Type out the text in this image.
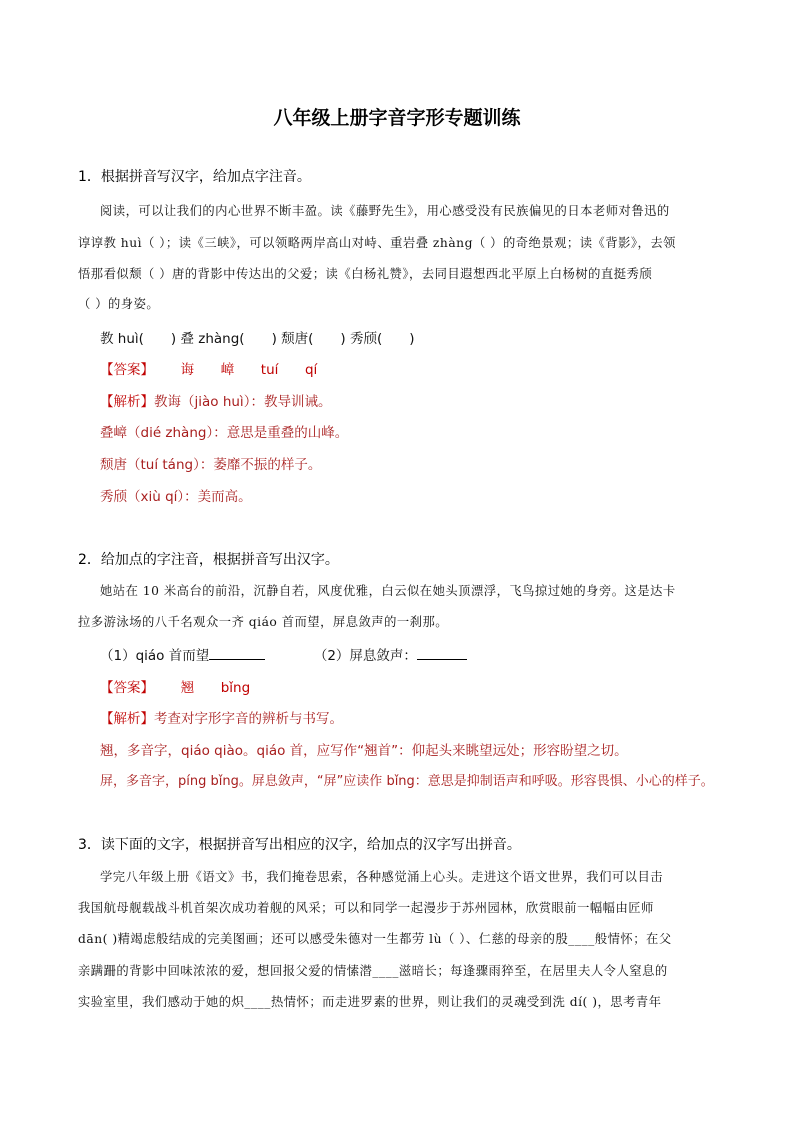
八年级上册字音字形专题训练
1．根据拼音写汉字，给加点字注音。
阅读，可以让我们的内心世界不断丰盈。读《藤野先生》，用心感受没有民族偏见的日本老师对鲁迅的
谆谆教 huì（ ）；读《三峡》，可以领略两岸高山对峙、重岩叠 zhàng（ ）的奇绝景观；读《背影》，去领
悟那看似颓（ ）唐的背影中传达出的父爱；读《白杨礼赞》，去同目遐想西北平原上白杨树的直挺秀颀
（ ）的身姿。
教 huì(　　) 叠 zhàng(　　) 颓唐(　　) 秀颀(　　)
【答案】 诲 嶂 tuí qí
【解析】教诲（jiào huì）：教导训诫。
叠嶂（dié zhàng）：意思是重叠的山峰。
颓唐（tuí táng）：萎靡不振的样子。
秀颀（xiù qí）：美而高。
2．给加点的字注音，根据拼音写出汉字。
她站在 10 米高台的前沿，沉静自若，风度优雅，白云似在她头顶漂浮，飞鸟掠过她的身旁。这是达卡
拉多游泳场的八千名观众一齐 qiáo 首而望，屏息敛声的一刹那。
（1）qiáo 首而望	（2）屏息敛声：
【答案】 翘 bǐng
【解析】考查对字形字音的辨析与书写。
翘，多音字，qiáo qiào。qiáo 首，应写作“翘首”：仰起头来眺望远处；形容盼望之切。
屏，多音字，píng bǐng。屏息敛声，“屏”应读作 bǐng：意思是抑制语声和呼吸。形容畏惧、小心的样子。
3．读下面的文字，根据拼音写出相应的汉字，给加点的汉字写出拼音。
学完八年级上册《语文》书，我们掩卷思索，各种感觉涌上心头。走进这个语文世界，我们可以目击
我国航母舰载战斗机首架次成功着舰的风采；可以和同学一起漫步于苏州园林，欣赏眼前一幅幅由匠师
dān( )精竭虑般结成的完美图画；还可以感受朱德对一生都劳 lù（ ）、仁慈的母亲的殷____般情怀；在父
亲蹒跚的背影中回味浓浓的爱，想回报父爱的情愫潜____滋暗长；每逢骤雨猝至，在居里夫人令人窒息的
实验室里，我们感动于她的炽____热情怀；而走进罗素的世界，则让我们的灵魂受到洗 dí( )，思考青年
